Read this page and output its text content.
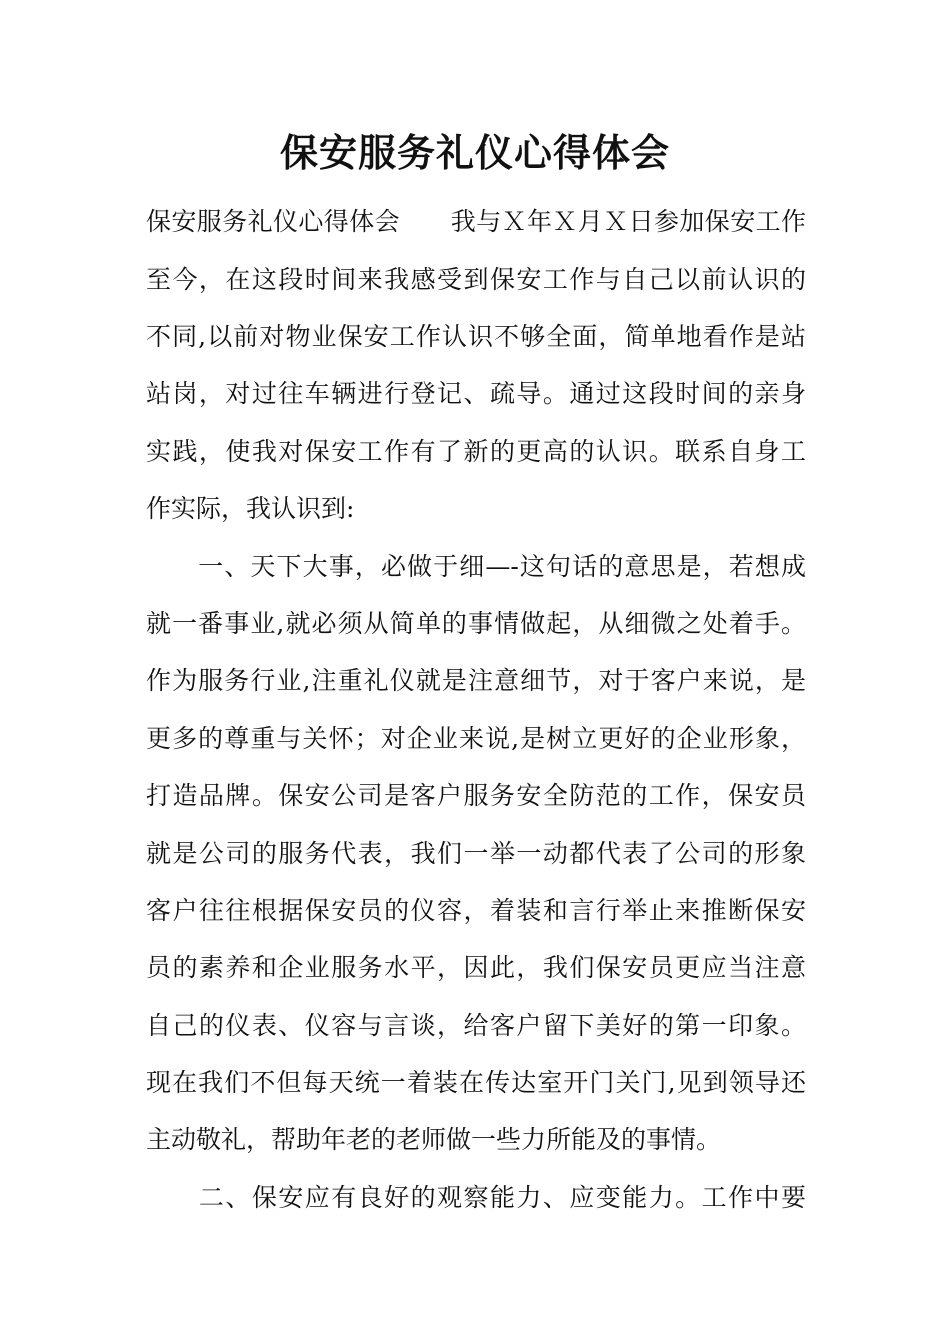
保安服务礼仪心得体会
保安服务礼仪心得体会　　我与Ｘ年Ｘ月Ｘ日参加保安工作
至今，在这段时间来我感受到保安工作与自己以前认识的
不同,以前对物业保安工作认识不够全面，简单地看作是站
站岗，对过往车辆进行登记、疏导。通过这段时间的亲身
实践，使我对保安工作有了新的更高的认识。联系自身工
作实际，我认识到:
　　一、天下大事，必做于细—-这句话的意思是，若想成
就一番事业,就必须从简单的事情做起，从细微之处着手。
作为服务行业,注重礼仪就是注意细节，对于客户来说，是
更多的尊重与关怀；对企业来说,是树立更好的企业形象，
打造品牌。保安公司是客户服务安全防范的工作，保安员
就是公司的服务代表，我们一举一动都代表了公司的形象
客户往往根据保安员的仪容，着装和言行举止来推断保安
员的素养和企业服务水平，因此，我们保安员更应当注意
自己的仪表、仪容与言谈，给客户留下美好的第一印象。
现在我们不但每天统一着装在传达室开门关门,见到领导还
主动敬礼，帮助年老的老师做一些力所能及的事情。
　　二、保安应有良好的观察能力、应变能力。工作中要
